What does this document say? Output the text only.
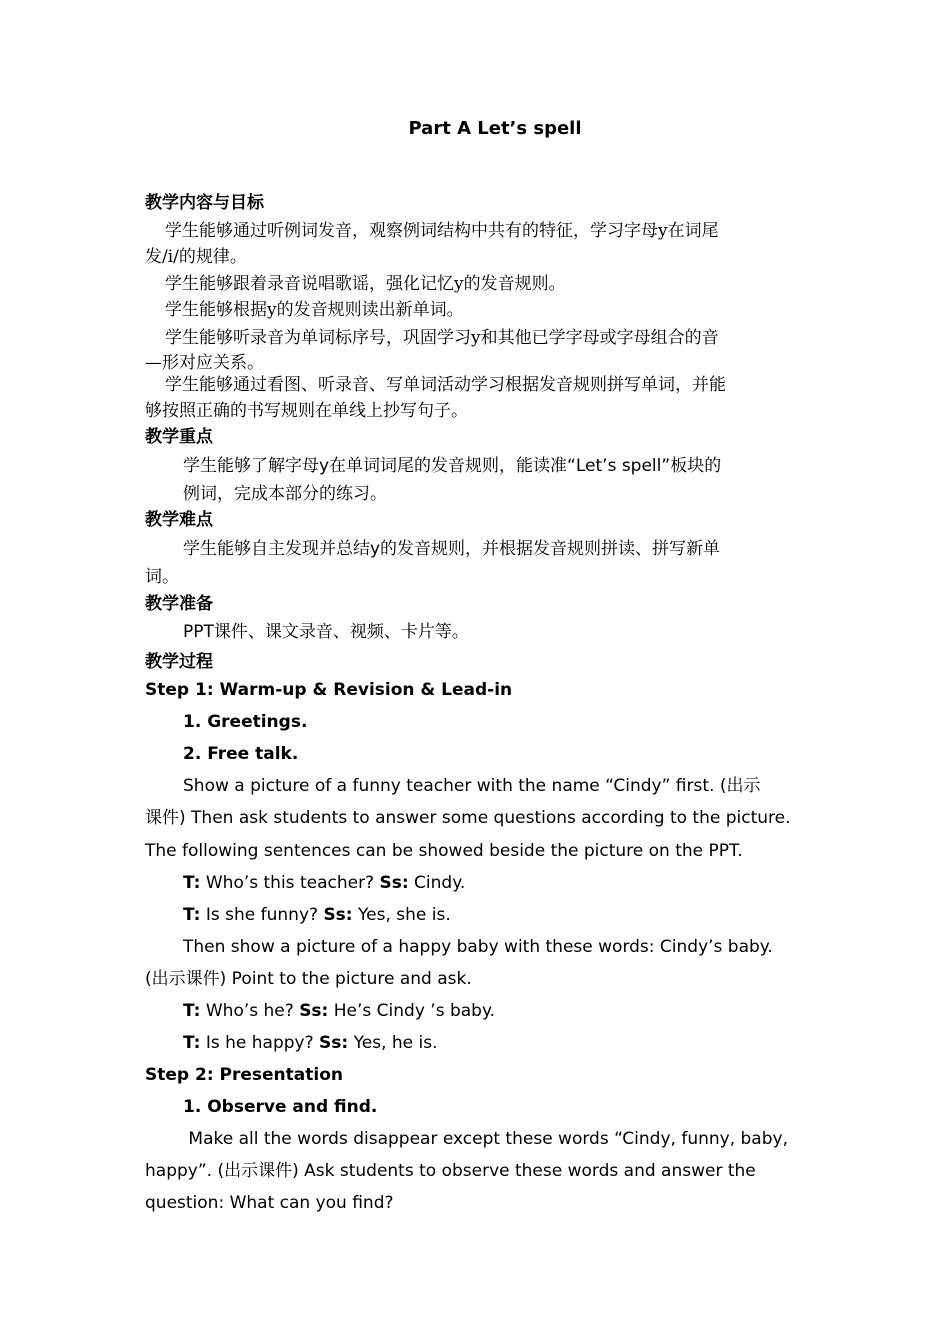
Part A Let’s spell
教学内容与目标
学生能够通过听例词发音，观察例词结构中共有的特征，学习字母y在词尾
发/i/的规律。
学生能够跟着录音说唱歌谣，强化记忆y的发音规则。
学生能够根据y的发音规则读出新单词。
学生能够听录音为单词标序号，巩固学习y和其他已学字母或字母组合的音
—形对应关系。
学生能够通过看图、听录音、写单词活动学习根据发音规则拼写单词，并能
够按照正确的书写规则在单线上抄写句子。
教学重点
学生能够了解字母y在单词词尾的发音规则，能读准“Let’s spell”板块的
例词，完成本部分的练习。
教学难点
学生能够自主发现并总结y的发音规则，并根据发音规则拼读、拼写新单
词。
教学准备
PPT课件、课文录音、视频、卡片等。
教学过程
Step 1: Warm-up & Revision & Lead-in
1. Greetings.
2. Free talk.
Show a picture of a funny teacher with the name “Cindy” first. (出示
课件) Then ask students to answer some questions according to the picture.
The following sentences can be showed beside the picture on the PPT.
T: Who’s this teacher? Ss: Cindy.
T: Is she funny? Ss: Yes, she is.
Then show a picture of a happy baby with these words: Cindy’s baby.
(出示课件) Point to the picture and ask.
T: Who’s he? Ss: He’s Cindy ’s baby.
T: Is he happy? Ss: Yes, he is.
Step 2: Presentation
1. Observe and find.
Make all the words disappear except these words “Cindy, funny, baby,
happy”. (出示课件) Ask students to observe these words and answer the
question: What can you find?
